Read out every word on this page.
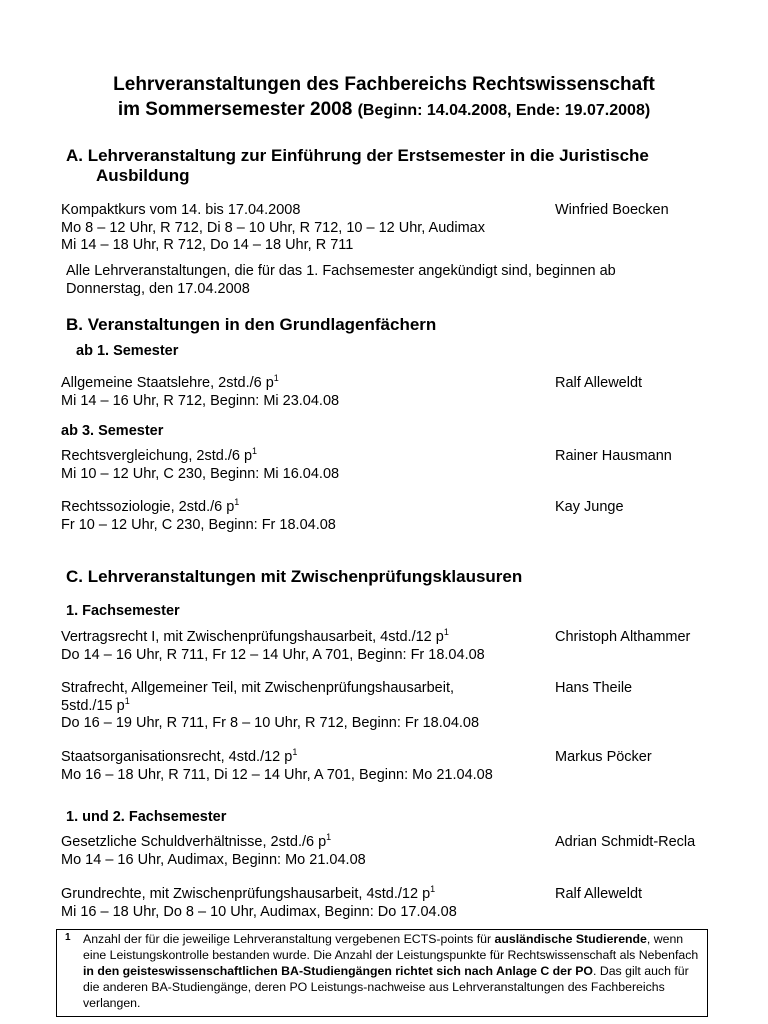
Lehrveranstaltungen des Fachbereichs Rechtswissenschaft
im Sommersemester 2008 (Beginn: 14.04.2008, Ende: 19.07.2008)
A. Lehrveranstaltung zur Einführung der Erstsemester in die Juristische
Ausbildung
Kompaktkurs vom 14. bis 17.04.2008
Mo 8 – 12 Uhr, R 712, Di 8 – 10 Uhr, R 712, 10 – 12 Uhr, Audimax
Mi 14 – 18 Uhr, R 712, Do 14 – 18 Uhr, R 711
Winfried Boecken
Alle Lehrveranstaltungen, die für das 1. Fachsemester angekündigt sind, beginnen ab
Donnerstag, den 17.04.2008
B. Veranstaltungen in den Grundlagenfächern
ab 1. Semester
Allgemeine Staatslehre, 2std./6 $p^1$
Mi 14 – 16 Uhr, R 712, Beginn: Mi 23.04.08
Ralf Alleweldt
ab 3. Semester
Rechtsvergleichung, 2std./6 $p^1$
Mi 10 – 12 Uhr, C 230, Beginn: Mi 16.04.08
Rainer Hausmann
Rechtssoziologie, 2std./6 $p^1$
Fr 10 – 12 Uhr, C 230, Beginn: Fr 18.04.08
Kay Junge
C. Lehrveranstaltungen mit Zwischenprüfungsklausuren
1. Fachsemester
Vertragsrecht I, mit Zwischenprüfungshausarbeit, 4std./12 $p^1$
Do 14 – 16 Uhr, R 711, Fr 12 – 14 Uhr, A 701, Beginn: Fr 18.04.08
Christoph Althammer
Strafrecht, Allgemeiner Teil, mit Zwischenprüfungshausarbeit,
5std./15 $p^1$
Do 16 – 19 Uhr, R 711, Fr 8 – 10 Uhr, R 712, Beginn: Fr 18.04.08
Hans Theile
Staatsorganisationsrecht, 4std./12 $p^1$
Mo 16 – 18 Uhr, R 711, Di 12 – 14 Uhr, A 701, Beginn: Mo 21.04.08
Markus Pöcker
1. und 2. Fachsemester
Gesetzliche Schuldverhältnisse, 2std./6 $p^1$
Mo 14 – 16 Uhr, Audimax, Beginn: Mo 21.04.08
Adrian Schmidt-Recla
Grundrechte, mit Zwischenprüfungshausarbeit, 4std./12 $p^1$
Mi 16 – 18 Uhr, Do 8 – 10 Uhr, Audimax, Beginn: Do 17.04.08
Ralf Alleweldt
1	Anzahl der für die jeweilige Lehrveranstaltung vergebenen ECTS-points für ausländische Studierende, wenn eine Leistungskontrolle bestanden wurde. Die Anzahl der Leistungspunkte für Rechtswissenschaft als Nebenfach in den geisteswissenschaftlichen BA-Studiengängen richtet sich nach Anlage C der PO. Das gilt auch für die anderen BA-Studiengänge, deren PO Leistungs-nachweise aus Lehrveranstaltungen des Fachbereichs verlangen.
